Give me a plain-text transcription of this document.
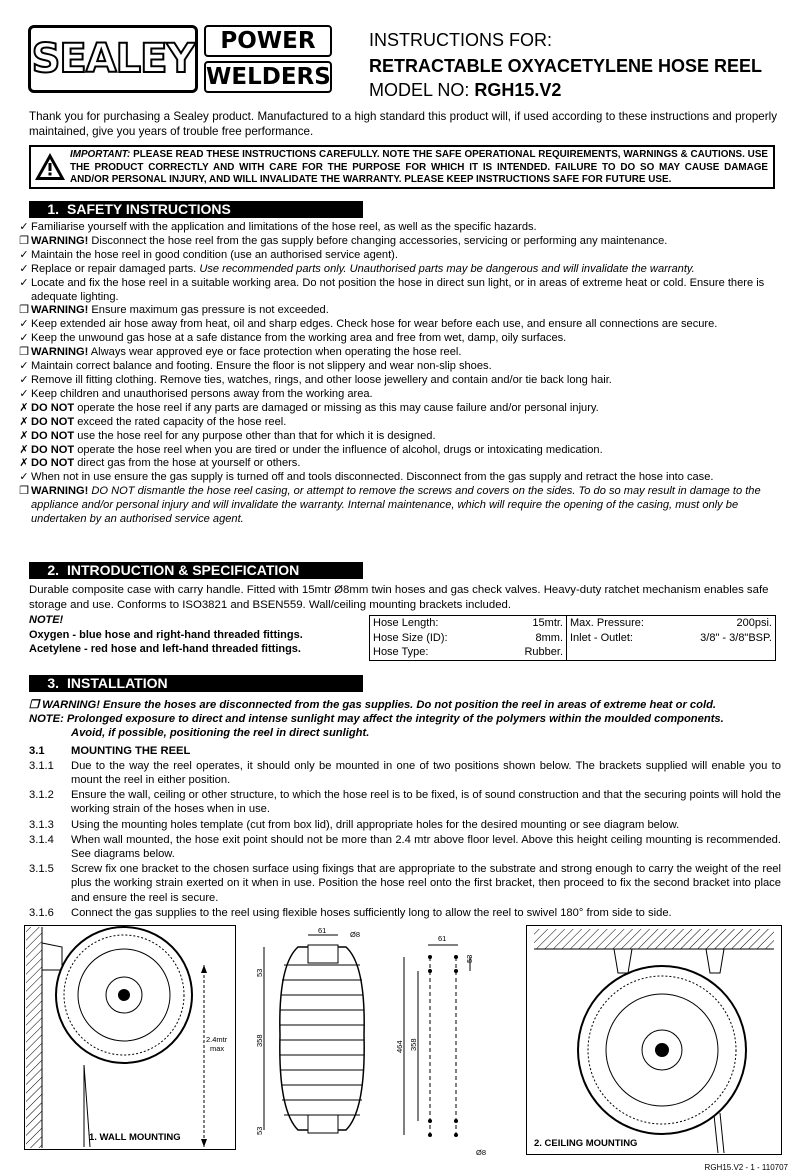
SEALEY	POWER
WELDERS
INSTRUCTIONS FOR:
RETRACTABLE OXYACETYLENE HOSE REEL
MODEL NO: RGH15.V2

Thank you for purchasing a Sealey product. Manufactured to a high standard this product will, if used according to these instructions and properly maintained, give you years of trouble free performance.

IMPORTANT: PLEASE READ THESE INSTRUCTIONS CAREFULLY. NOTE THE SAFE OPERATIONAL REQUIREMENTS, WARNINGS & CAUTIONS. USE THE PRODUCT CORRECTLY AND WITH CARE FOR THE PURPOSE FOR WHICH IT IS INTENDED. FAILURE TO DO SO MAY CAUSE DAMAGE AND/OR PERSONAL INJURY, AND WILL INVALIDATE THE WARRANTY. PLEASE KEEP INSTRUCTIONS SAFE FOR FUTURE USE.
1. SAFETY INSTRUCTIONS
✓ Familiarise yourself with the application and limitations of the hose reel, as well as the specific hazards.
❐ WARNING! Disconnect the hose reel from the gas supply before changing accessories, servicing or performing any maintenance.
✓ Maintain the hose reel in good condition (use an authorised service agent).
✓ Replace or repair damaged parts. Use recommended parts only. Unauthorised parts may be dangerous and will invalidate the warranty.
✓ Locate and fix the hose reel in a suitable working area. Do not position the hose in direct sun light, or in areas of extreme heat or cold. Ensure there is adequate lighting.
❐ WARNING! Ensure maximum gas pressure is not exceeded.
✓ Keep extended air hose away from heat, oil and sharp edges. Check hose for wear before each use, and ensure all connections are secure.
✓ Keep the unwound gas hose at a safe distance from the working area and free from wet, damp, oily surfaces.
❐ WARNING! Always wear approved eye or face protection when operating the hose reel.
✓ Maintain correct balance and footing. Ensure the floor is not slippery and wear non-slip shoes.
✓ Remove ill fitting clothing. Remove ties, watches, rings, and other loose jewellery and contain and/or tie back long hair.
✓ Keep children and unauthorised persons away from the working area.
✗ DO NOT operate the hose reel if any parts are damaged or missing as this may cause failure and/or personal injury.
✗ DO NOT exceed the rated capacity of the hose reel.
✗ DO NOT use the hose reel for any purpose other than that for which it is designed.
✗ DO NOT operate the hose reel when you are tired or under the influence of alcohol, drugs or intoxicating medication.
✗ DO NOT direct gas from the hose at yourself or others.
✓ When not in use ensure the gas supply is turned off and tools disconnected. Disconnect from the gas supply and retract the hose into case.
❐ WARNING! DO NOT dismantle the hose reel casing, or attempt to remove the screws and covers on the sides. To do so may result in damage to the appliance and/or personal injury and will invalidate the warranty. Internal maintenance, which will require the opening of the casing, must only be undertaken by an authorised service agent.
2. INTRODUCTION & SPECIFICATION

Durable composite case with carry handle. Fitted with 15mtr Ø8mm twin hoses and gas check valves. Heavy-duty ratchet mechanism enables safe storage and use. Conforms to ISO3821 and BSEN559. Wall/ceiling mounting brackets included.

NOTE!
Oxygen - blue hose and right-hand threaded fittings.
Acetylene - red hose and left-hand threaded fittings.
Hose Length:	15mtr.
Hose Size (ID):	8mm.
Hose Type:	Rubber.

Max. Pressure:	200psi.
Inlet - Outlet:	3/8" - 3/8"BSP.
3. INSTALLATION
❐ WARNING! Ensure the hoses are disconnected from the gas supplies. Do not position the reel in areas of extreme heat or cold.
NOTE: Prolonged exposure to direct and intense sunlight may affect the integrity of the polymers within the moulded components.
Avoid, if possible, positioning the reel in direct sunlight.
3.1	MOUNTING THE REEL
3.1.1	Due to the way the reel operates, it should only be mounted in one of two positions shown below. The brackets supplied will enable you to mount the reel in either position.
3.1.2	Ensure the wall, ceiling or other structure, to which the hose reel is to be fixed, is of sound construction and that the securing points will hold the working strain of the hoses when in use.
3.1.3	Using the mounting holes template (cut from box lid), drill appropriate holes for the desired mounting or see diagram below.
3.1.4	When wall mounted, the hose exit point should not be more than 2.4 mtr above floor level. Above this height ceiling mounting is recommended. See diagrams below.
3.1.5	Screw fix one bracket to the chosen surface using fixings that are appropriate to the substrate and strong enough to carry the weight of the reel plus the working strain exerted on it when in use. Position the hose reel onto the first bracket, then proceed to fix the second bracket into place and ensure the reel is secure.
3.1.6	Connect the gas supplies to the reel using flexible hoses sufficiently long to allow the reel to swivel 180° from side to side.
2.4mtr
max
1. WALL MOUNTING
61	Ø8
53
358
53
61
53
464 358
Ø8
2. CEILING MOUNTING
RGH15.V2 - 1 - 110707
